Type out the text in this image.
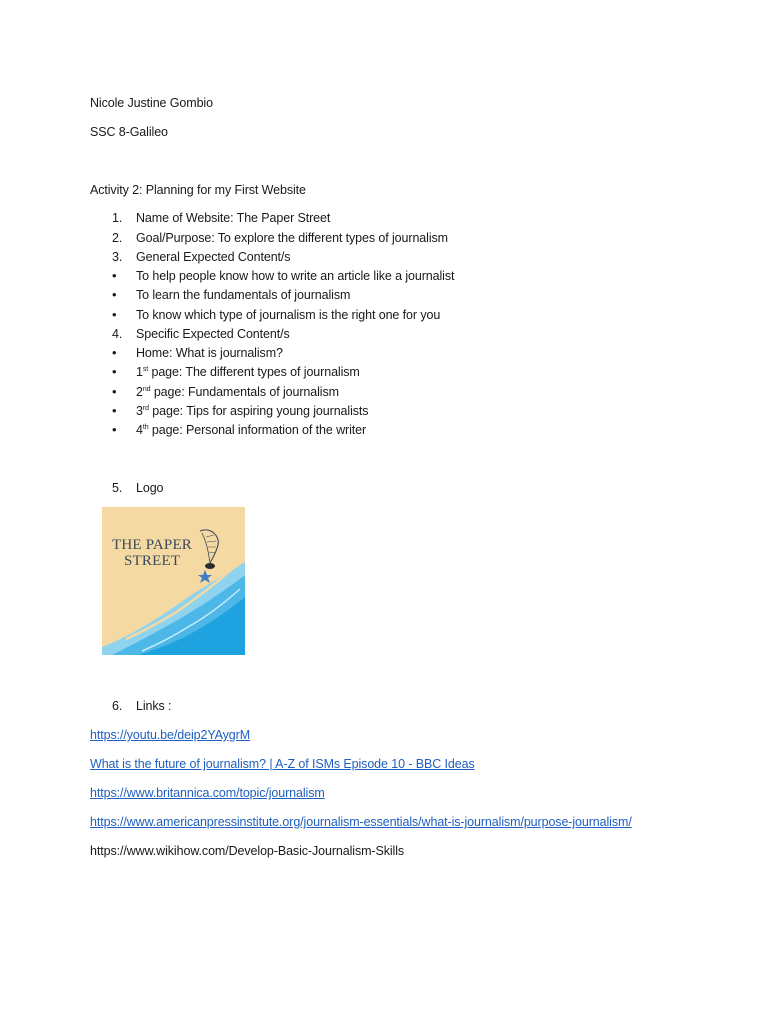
Nicole Justine Gombio
SSC 8-Galileo
Activity 2: Planning for my First Website
1. Name of Website: The Paper Street
2. Goal/Purpose: To explore the different types of journalism
3. General Expected Content/s
• To help people know how to write an article like a journalist
• To learn the fundamentals of journalism
• To know which type of journalism is the right one for you
4. Specific Expected Content/s
• Home: What is journalism?
• 1st page: The different types of journalism
• 2nd page: Fundamentals of journalism
• 3rd page: Tips for aspiring young journalists
• 4th page: Personal information of the writer
5. Logo
THE PAPER
STREET
6. Links :
https://youtu.be/deip2YAygrM
What is the future of journalism? | A-Z of ISMs Episode 10 - BBC Ideas
https://www.britannica.com/topic/journalism
https://www.americanpressinstitute.org/journalism-essentials/what-is-journalism/purpose-journalism/
https://www.wikihow.com/Develop-Basic-Journalism-Skills
